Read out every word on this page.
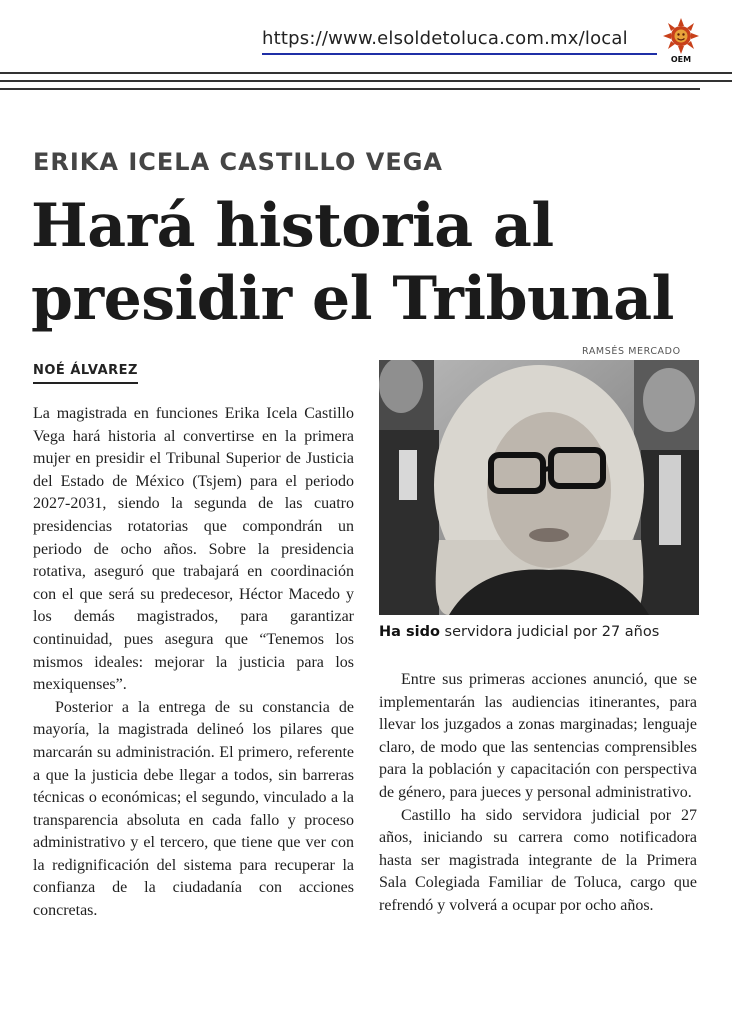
https://www.elsoldetoluca.com.mx/local
OEM
ERIKA ICELA CASTILLO VEGA
Hará historia al
presidir el Tribunal
NOÉ ÁLVAREZ
RAMSÉS MERCADO
Ha sido servidora judicial por 27 años

La magistrada en funciones Erika Icela Castillo Vega hará historia al convertirse en la primera mujer en presidir el Tribunal Superior de Justicia del Estado de México (Tsjem) para el periodo 2027-2031, siendo la segunda de las cuatro presidencias rotatorias que compondrán un periodo de ocho años. Sobre la presidencia rotativa, aseguró que trabajará en coordinación con el que será su predecesor, Héctor Macedo y los demás magistrados, para garantizar continuidad, pues asegura que “Tenemos los mismos ideales: mejorar la justicia para los mexiquenses”.

Posterior a la entrega de su constancia de mayoría, la magistrada delineó los pilares que marcarán su administración. El primero, referente a que la justicia debe llegar a todos, sin barreras técnicas o económicas; el segundo, vinculado a la transparencia absoluta en cada fallo y proceso administrativo y el tercero, que tiene que ver con la redignificación del sistema para recuperar la confianza de la ciudadanía con acciones concretas.

Entre sus primeras acciones anunció, que se implementarán las audiencias itinerantes, para llevar los juzgados a zonas marginadas; lenguaje claro, de modo que las sentencias comprensibles para la población y capacitación con perspectiva de género, para jueces y personal administrativo.

Castillo ha sido servidora judicial por 27 años, iniciando su carrera como notificadora hasta ser magistrada integrante de la Primera Sala Colegiada Familiar de Toluca, cargo que refrendó y volverá a ocupar por ocho años.
